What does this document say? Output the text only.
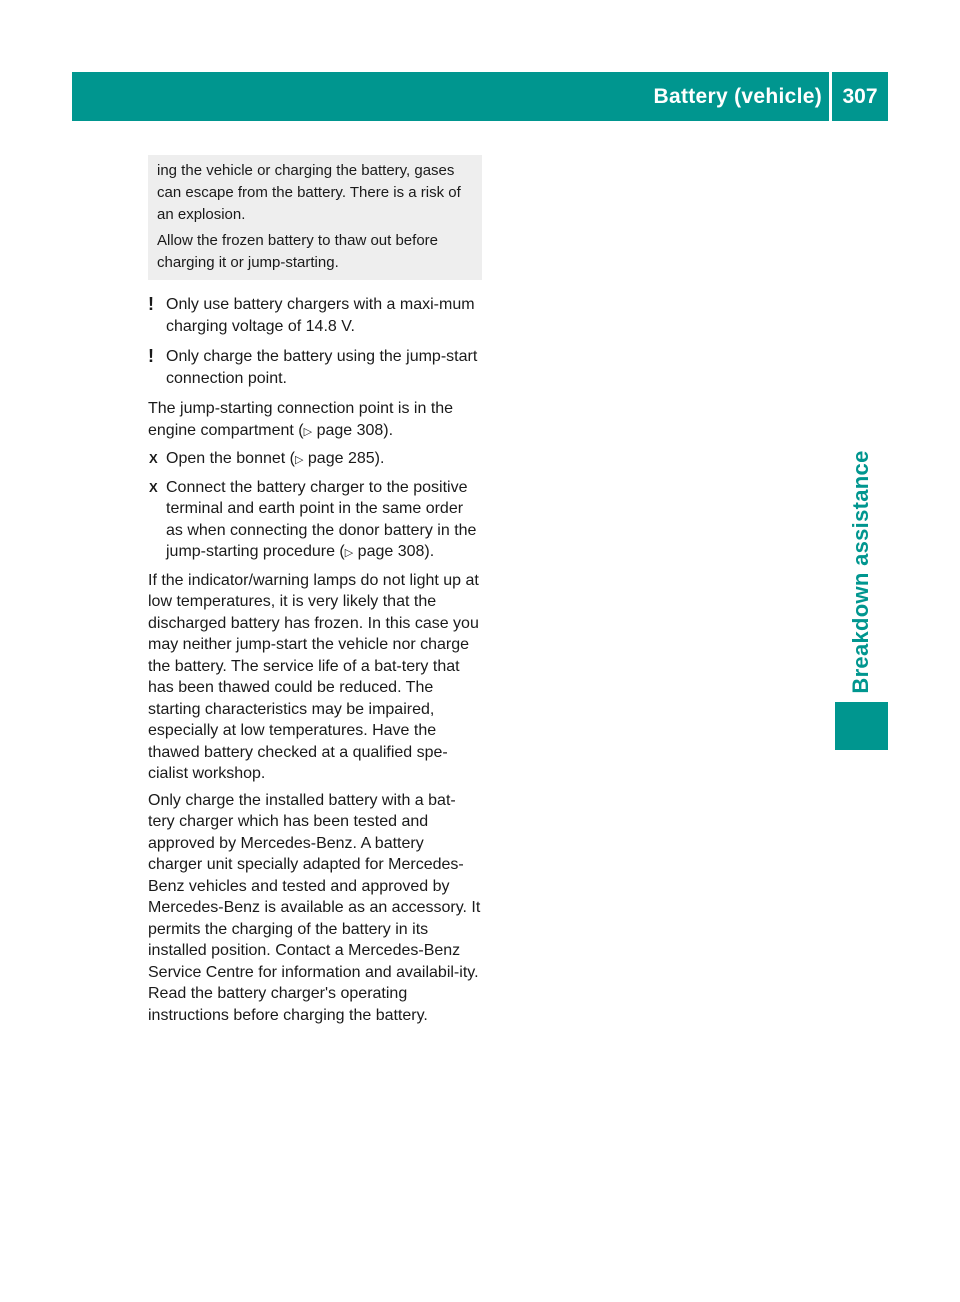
Battery (vehicle) 307
Breakdown assistance

ing the vehicle or charging the battery, gases can escape from the battery. There is a risk of an explosion.

Allow the frozen battery to thaw out before charging it or jump-starting.

! Only use battery chargers with a maxi-mum charging voltage of 14.8 V.
! Only charge the battery using the jump-start connection point.

The jump-starting connection point is in the engine compartment (▷ page 308).

X Open the bonnet (▷ page 285).
X Connect the battery charger to the positive terminal and earth point in the same order as when connecting the donor battery in the jump-starting procedure (▷ page 308).

If the indicator/warning lamps do not light up at low temperatures, it is very likely that the discharged battery has frozen. In this case you may neither jump-start the vehicle nor charge the battery. The service life of a bat-tery that has been thawed could be reduced. The starting characteristics may be impaired, especially at low temperatures. Have the thawed battery checked at a qualified spe-cialist workshop.

Only charge the installed battery with a bat-tery charger which has been tested and approved by Mercedes-Benz. A battery charger unit specially adapted for Mercedes-Benz vehicles and tested and approved by Mercedes-Benz is available as an accessory. It permits the charging of the battery in its installed position. Contact a Mercedes-Benz Service Centre for information and availabil-ity. Read the battery charger's operating instructions before charging the battery.
